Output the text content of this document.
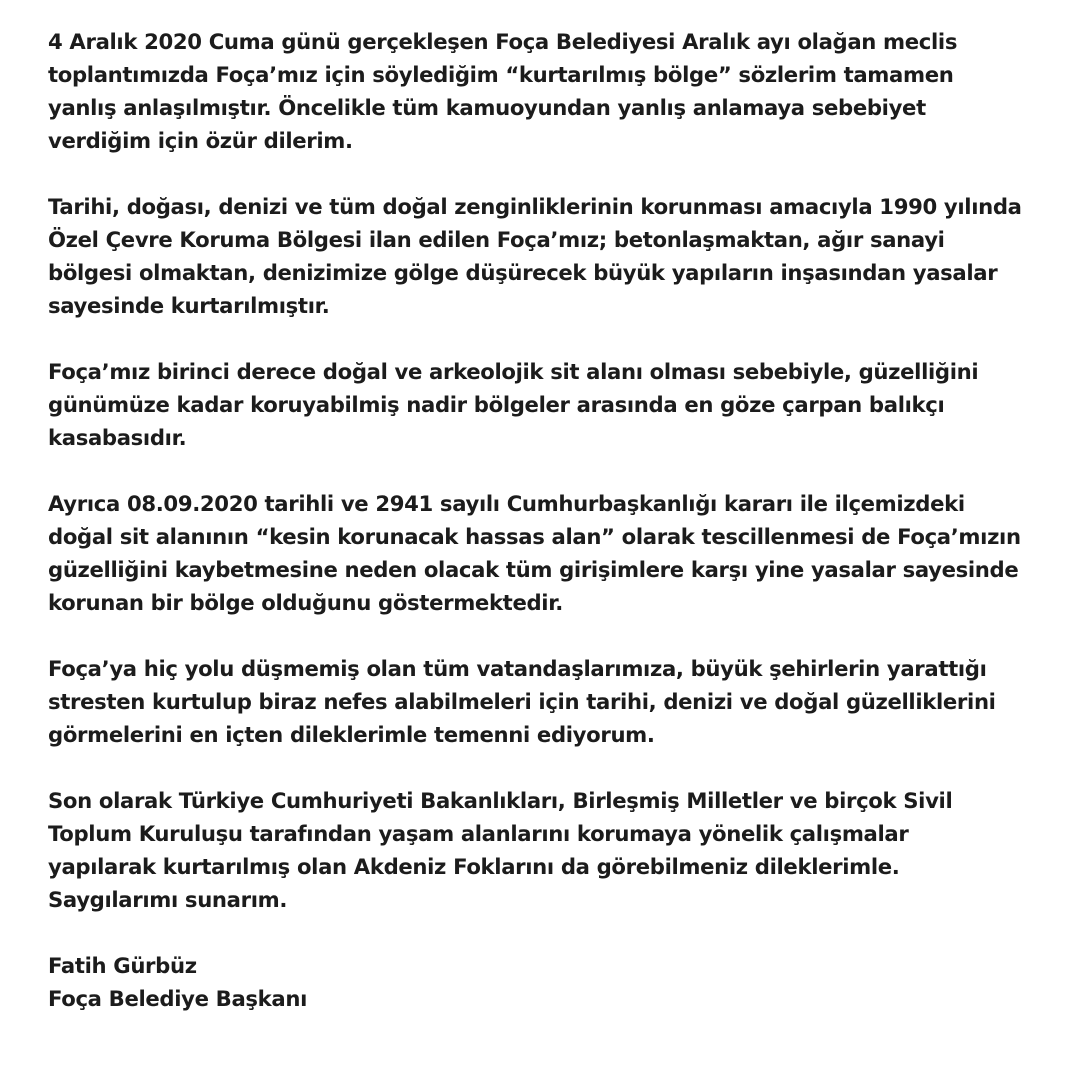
4 Aralık 2020 Cuma günü gerçekleşen Foça Belediyesi Aralık ayı olağan meclis
toplantımızda Foça’mız için söylediğim “kurtarılmış bölge” sözlerim tamamen
yanlış anlaşılmıştır. Öncelikle tüm kamuoyundan yanlış anlamaya sebebiyet
verdiğim için özür dilerim.

Tarihi, doğası, denizi ve tüm doğal zenginliklerinin korunması amacıyla 1990 yılında
Özel Çevre Koruma Bölgesi ilan edilen Foça’mız; betonlaşmaktan, ağır sanayi
bölgesi olmaktan, denizimize gölge düşürecek büyük yapıların inşasından yasalar
sayesinde kurtarılmıştır.

Foça’mız birinci derece doğal ve arkeolojik sit alanı olması sebebiyle, güzelliğini
günümüze kadar koruyabilmiş nadir bölgeler arasında en göze çarpan balıkçı
kasabasıdır.

Ayrıca 08.09.2020 tarihli ve 2941 sayılı Cumhurbaşkanlığı kararı ile ilçemizdeki
doğal sit alanının “kesin korunacak hassas alan” olarak tescillenmesi de Foça’mızın
güzelliğini kaybetmesine neden olacak tüm girişimlere karşı yine yasalar sayesinde
korunan bir bölge olduğunu göstermektedir.

Foça’ya hiç yolu düşmemiş olan tüm vatandaşlarımıza, büyük şehirlerin yarattığı
stresten kurtulup biraz nefes alabilmeleri için tarihi, denizi ve doğal güzelliklerini
görmelerini en içten dileklerimle temenni ediyorum.

Son olarak Türkiye Cumhuriyeti Bakanlıkları, Birleşmiş Milletler ve birçok Sivil
Toplum Kuruluşu tarafından yaşam alanlarını korumaya yönelik çalışmalar
yapılarak kurtarılmış olan Akdeniz Foklarını da görebilmeniz dileklerimle.
Saygılarımı sunarım.

Fatih Gürbüz
Foça Belediye Başkanı
